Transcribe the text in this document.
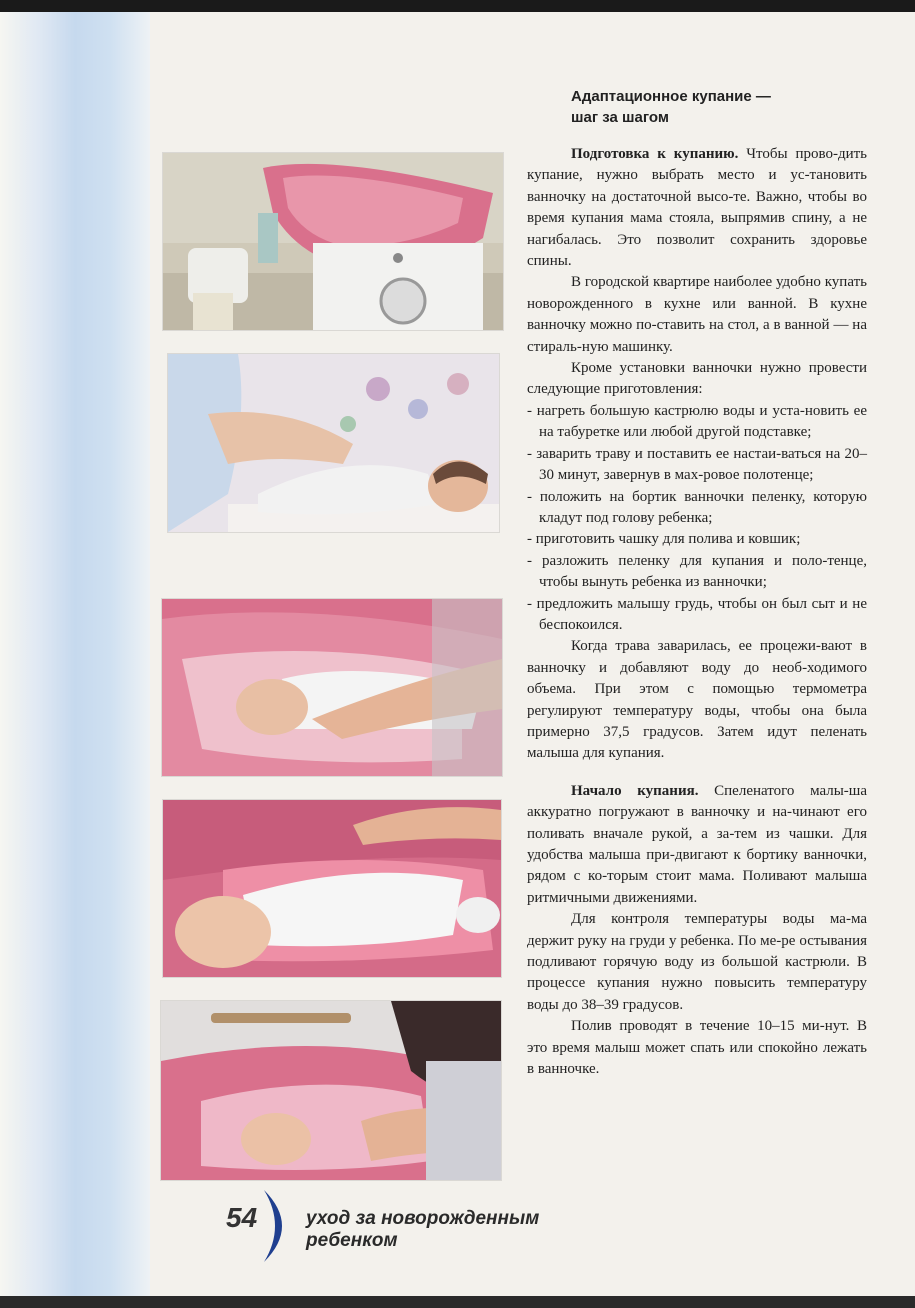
Адаптационное купание —
шаг за шагом

Подготовка к купанию. Чтобы прово-дить купание, нужно выбрать место и ус-тановить ванночку на достаточной высо-те. Важно, чтобы во время купания мама стояла, выпрямив спину, а не нагибалась. Это позволит сохранить здоровье спины.

В городской квартире наиболее удобно купать новорожденного в кухне или ванной. В кухне ванночку можно по-ставить на стол, а в ванной — на стираль-ную машинку.

Кроме установки ванночки нужно провести следующие приготовления:

- нагреть большую кастрюлю воды и уста-новить ее на табуретке или любой другой подставке;
- заварить траву и поставить ее настаи-ваться на 20–30 минут, завернув в мах-ровое полотенце;
- положить на бортик ванночки пеленку, которую кладут под голову ребенка;
- приготовить чашку для полива и ковшик;
- разложить пеленку для купания и поло-тенце, чтобы вынуть ребенка из ванночки;
- предложить малышу грудь, чтобы он был сыт и не беспокоился.

Когда трава заварилась, ее процежи-вают в ванночку и добавляют воду до необ-ходимого объема. При этом с помощью термометра регулируют температуру воды, чтобы она была примерно 37,5 градусов. Затем идут пеленать малыша для купания.

Начало купания. Спеленатого малы-ша аккуратно погружают в ванночку и на-чинают его поливать вначале рукой, а за-тем из чашки. Для удобства малыша при-двигают к бортику ванночки, рядом с ко-торым стоит мама. Поливают малыша ритмичными движениями.

Для контроля температуры воды ма-ма держит руку на груди у ребенка. По ме-ре остывания подливают горячую воду из большой кастрюли. В процессе купания нужно повысить температуру воды до 38–39 градусов.

Полив проводят в течение 10–15 ми-нут. В это время малыш может спать или спокойно лежать в ванночке.

54	уход за новорожденным
ребенком
